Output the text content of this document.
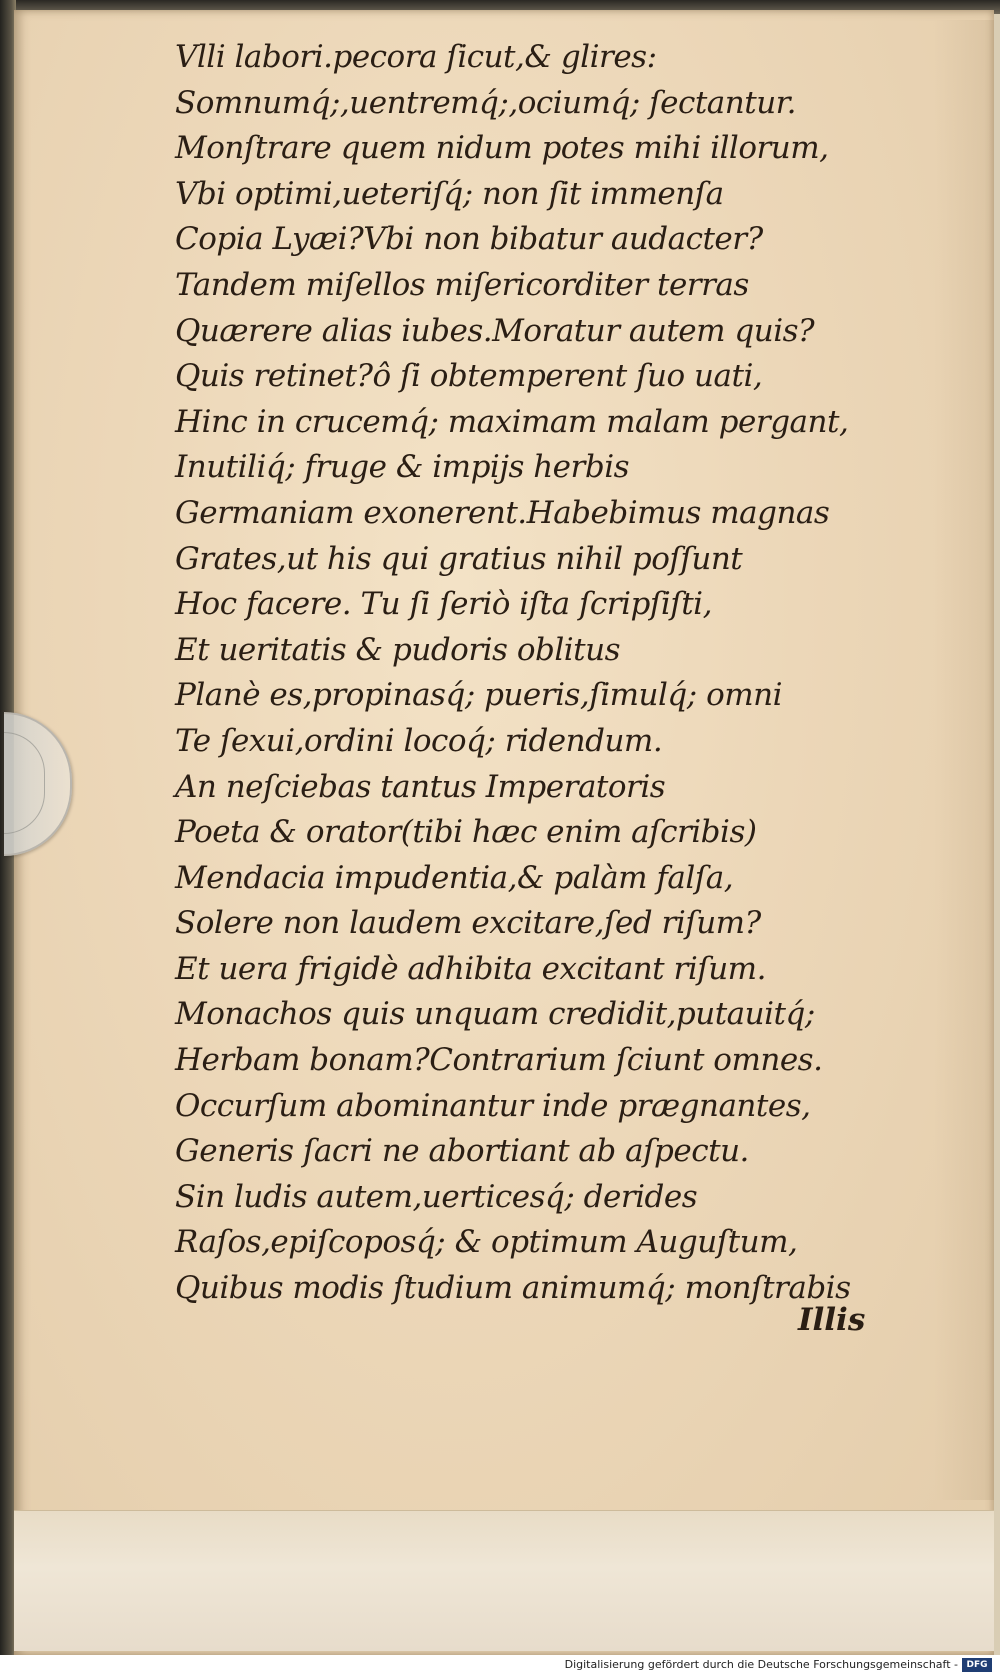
Vlli labori.pecora ſicut,& glires:
Somnumq́;,uentremq́;,ociumq́; ſectantur.
Monſtrare quem nidum potes mihi illorum,
Vbi optimi,ueteriſq́; non ſit immenſa
Copia Lyæi?Vbi non bibatur audacter?
Tandem miſellos miſericorditer terras
Quærere alias iubes.Moratur autem quis?
Quis retinet?ô ſi obtemperent ſuo uati,
Hinc in crucemq́; maximam malam pergant,
Inutiliq́; fruge & impijs herbis
Germaniam exonerent.Habebimus magnas
Grates,ut his qui gratius nihil poſſunt
Hoc facere. Tu ſi ſeriò iſta ſcripſiſti,
Et ueritatis & pudoris oblitus
Planè es,propinasq́; pueris,ſimulq́; omni
Te ſexui,ordini locoq́; ridendum.
An neſciebas tantus Imperatoris
Poeta & orator(tibi hæc enim aſcribis)
Mendacia impudentia,& palàm falſa,
Solere non laudem excitare,ſed riſum?
Et uera frigidè adhibita excitant riſum.
Monachos quis unquam credidit,putauitq́;
Herbam bonam?Contrarium ſciunt omnes.
Occurſum abominantur inde prægnantes,
Generis ſacri ne abortiant ab aſpectu.
Sin ludis autem,uerticesq́; derides
Raſos,epiſcoposq́; & optimum Auguſtum,
Quibus modis ſtudium animumq́; monſtrabis
Illis
Digitalisierung gefördert durch die Deutsche Forschungsgemeinschaft - DFG
